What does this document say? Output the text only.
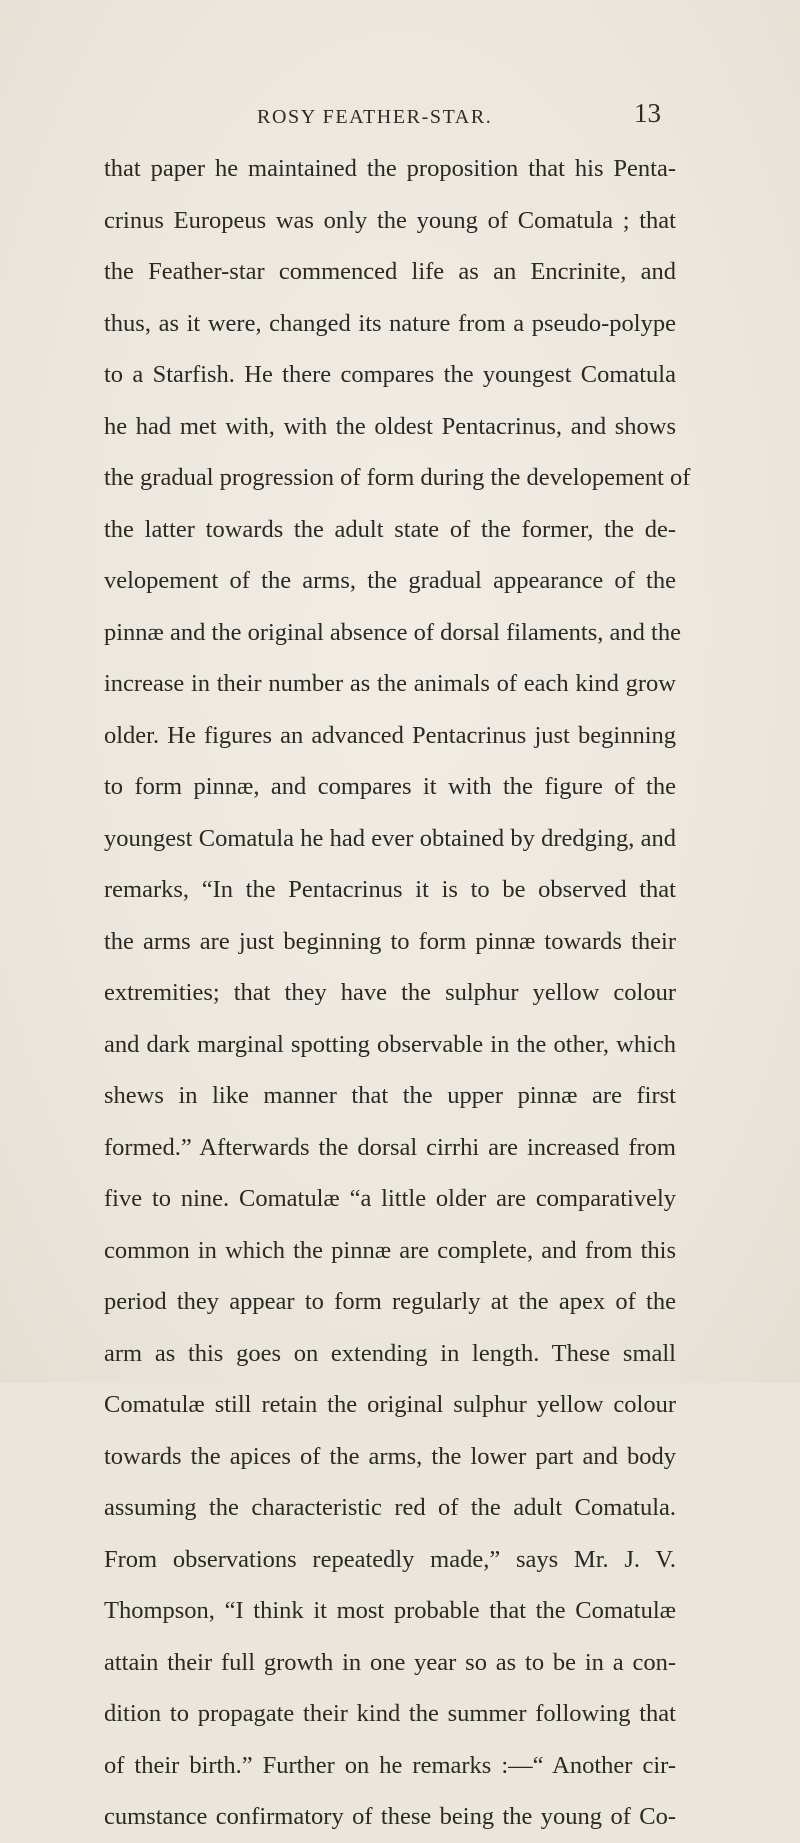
ROSY FEATHER-STAR.	13
that paper he maintained the proposition that his Penta-
crinus Europeus was only the young of Comatula ; that
the Feather-star commenced life as an Encrinite, and
thus, as it were, changed its nature from a pseudo-polype
to a Starfish. He there compares the youngest Comatula
he had met with, with the oldest Pentacrinus, and shows
the gradual progression of form during the developement of
the latter towards the adult state of the former, the de-
velopement of the arms, the gradual appearance of the
pinnæ and the original absence of dorsal filaments, and the
increase in their number as the animals of each kind grow
older. He figures an advanced Pentacrinus just beginning
to form pinnæ, and compares it with the figure of the
youngest Comatula he had ever obtained by dredging, and
remarks, “In the Pentacrinus it is to be observed that
the arms are just beginning to form pinnæ towards their
extremities; that they have the sulphur yellow colour
and dark marginal spotting observable in the other, which
shews in like manner that the upper pinnæ are first
formed.” Afterwards the dorsal cirrhi are increased from
five to nine. Comatulæ “a little older are comparatively
common in which the pinnæ are complete, and from this
period they appear to form regularly at the apex of the
arm as this goes on extending in length. These small
Comatulæ still retain the original sulphur yellow colour
towards the apices of the arms, the lower part and body
assuming the characteristic red of the adult Comatula.
From observations repeatedly made,” says Mr. J. V.
Thompson, “I think it most probable that the Comatulæ
attain their full growth in one year so as to be in a con-
dition to propagate their kind the summer following that
of their birth.” Further on he remarks :—“ Another cir-
cumstance confirmatory of these being the young of Co-
